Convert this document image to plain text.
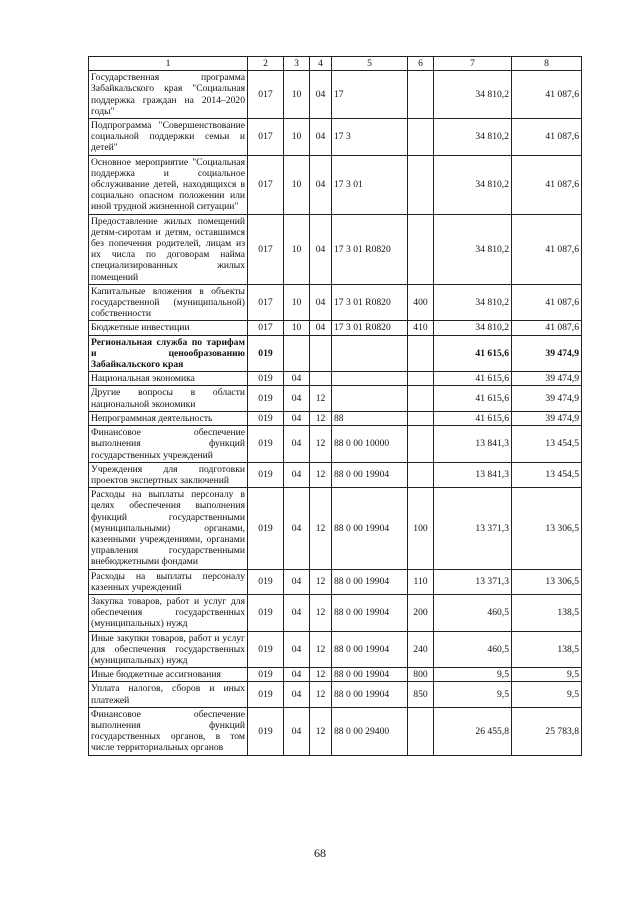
1	2	3	4	5	6	7	8
Государственная программа Забайкальского края "Социальная поддержка граждан на 2014–2020 годы"	017	10	04	17		34 810,2	41 087,6
Подпрограмма "Совершенствование социальной поддержки семьи и детей"	017	10	04	17 3		34 810,2	41 087,6
Основное мероприятие "Социальная поддержка и социальное обслуживание детей, находящихся в социально опасном положении или иной трудной жизненной ситуации"	017	10	04	17 3 01		34 810,2	41 087,6
Предоставление жилых помещений детям-сиротам и детям, оставшимся без попечения родителей, лицам из их числа по договорам найма специализированных жилых помещений	017	10	04	17 3 01 R0820		34 810,2	41 087,6
Капитальные вложения в объекты государственной (муниципальной) собственности	017	10	04	17 3 01 R0820	400	34 810,2	41 087,6
Бюджетные инвестиции	017	10	04	17 3 01 R0820	410	34 810,2	41 087,6
Региональная служба по тарифам и ценообразованию Забайкальского края	019					41 615,6	39 474,9
Национальная экономика	019	04				41 615,6	39 474,9
Другие вопросы в области национальной экономики	019	04	12			41 615,6	39 474,9
Непрограммная деятельность	019	04	12	88		41 615,6	39 474,9
Финансовое обеспечение выполнения функций государственных учреждений	019	04	12	88 0 00 10000		13 841,3	13 454,5
Учреждения для подготовки проектов экспертных заключений	019	04	12	88 0 00 19904		13 841,3	13 454,5
Расходы на выплаты персоналу в целях обеспечения выполнения функций государственными (муниципальными) органами, казенными учреждениями, органами управления государственными внебюджетными фондами	019	04	12	88 0 00 19904	100	13 371,3	13 306,5
Расходы на выплаты персоналу казенных учреждений	019	04	12	88 0 00 19904	110	13 371,3	13 306,5
Закупка товаров, работ и услуг для обеспечения государственных (муниципальных) нужд	019	04	12	88 0 00 19904	200	460,5	138,5
Иные закупки товаров, работ и услуг для обеспечения государственных (муниципальных) нужд	019	04	12	88 0 00 19904	240	460,5	138,5
Иные бюджетные ассигнования	019	04	12	88 0 00 19904	800	9,5	9,5
Уплата налогов, сборов и иных платежей	019	04	12	88 0 00 19904	850	9,5	9,5
Финансовое обеспечение выполнения функций государственных органов, в том числе территориальных органов	019	04	12	88 0 00 29400		26 455,8	25 783,8
68
